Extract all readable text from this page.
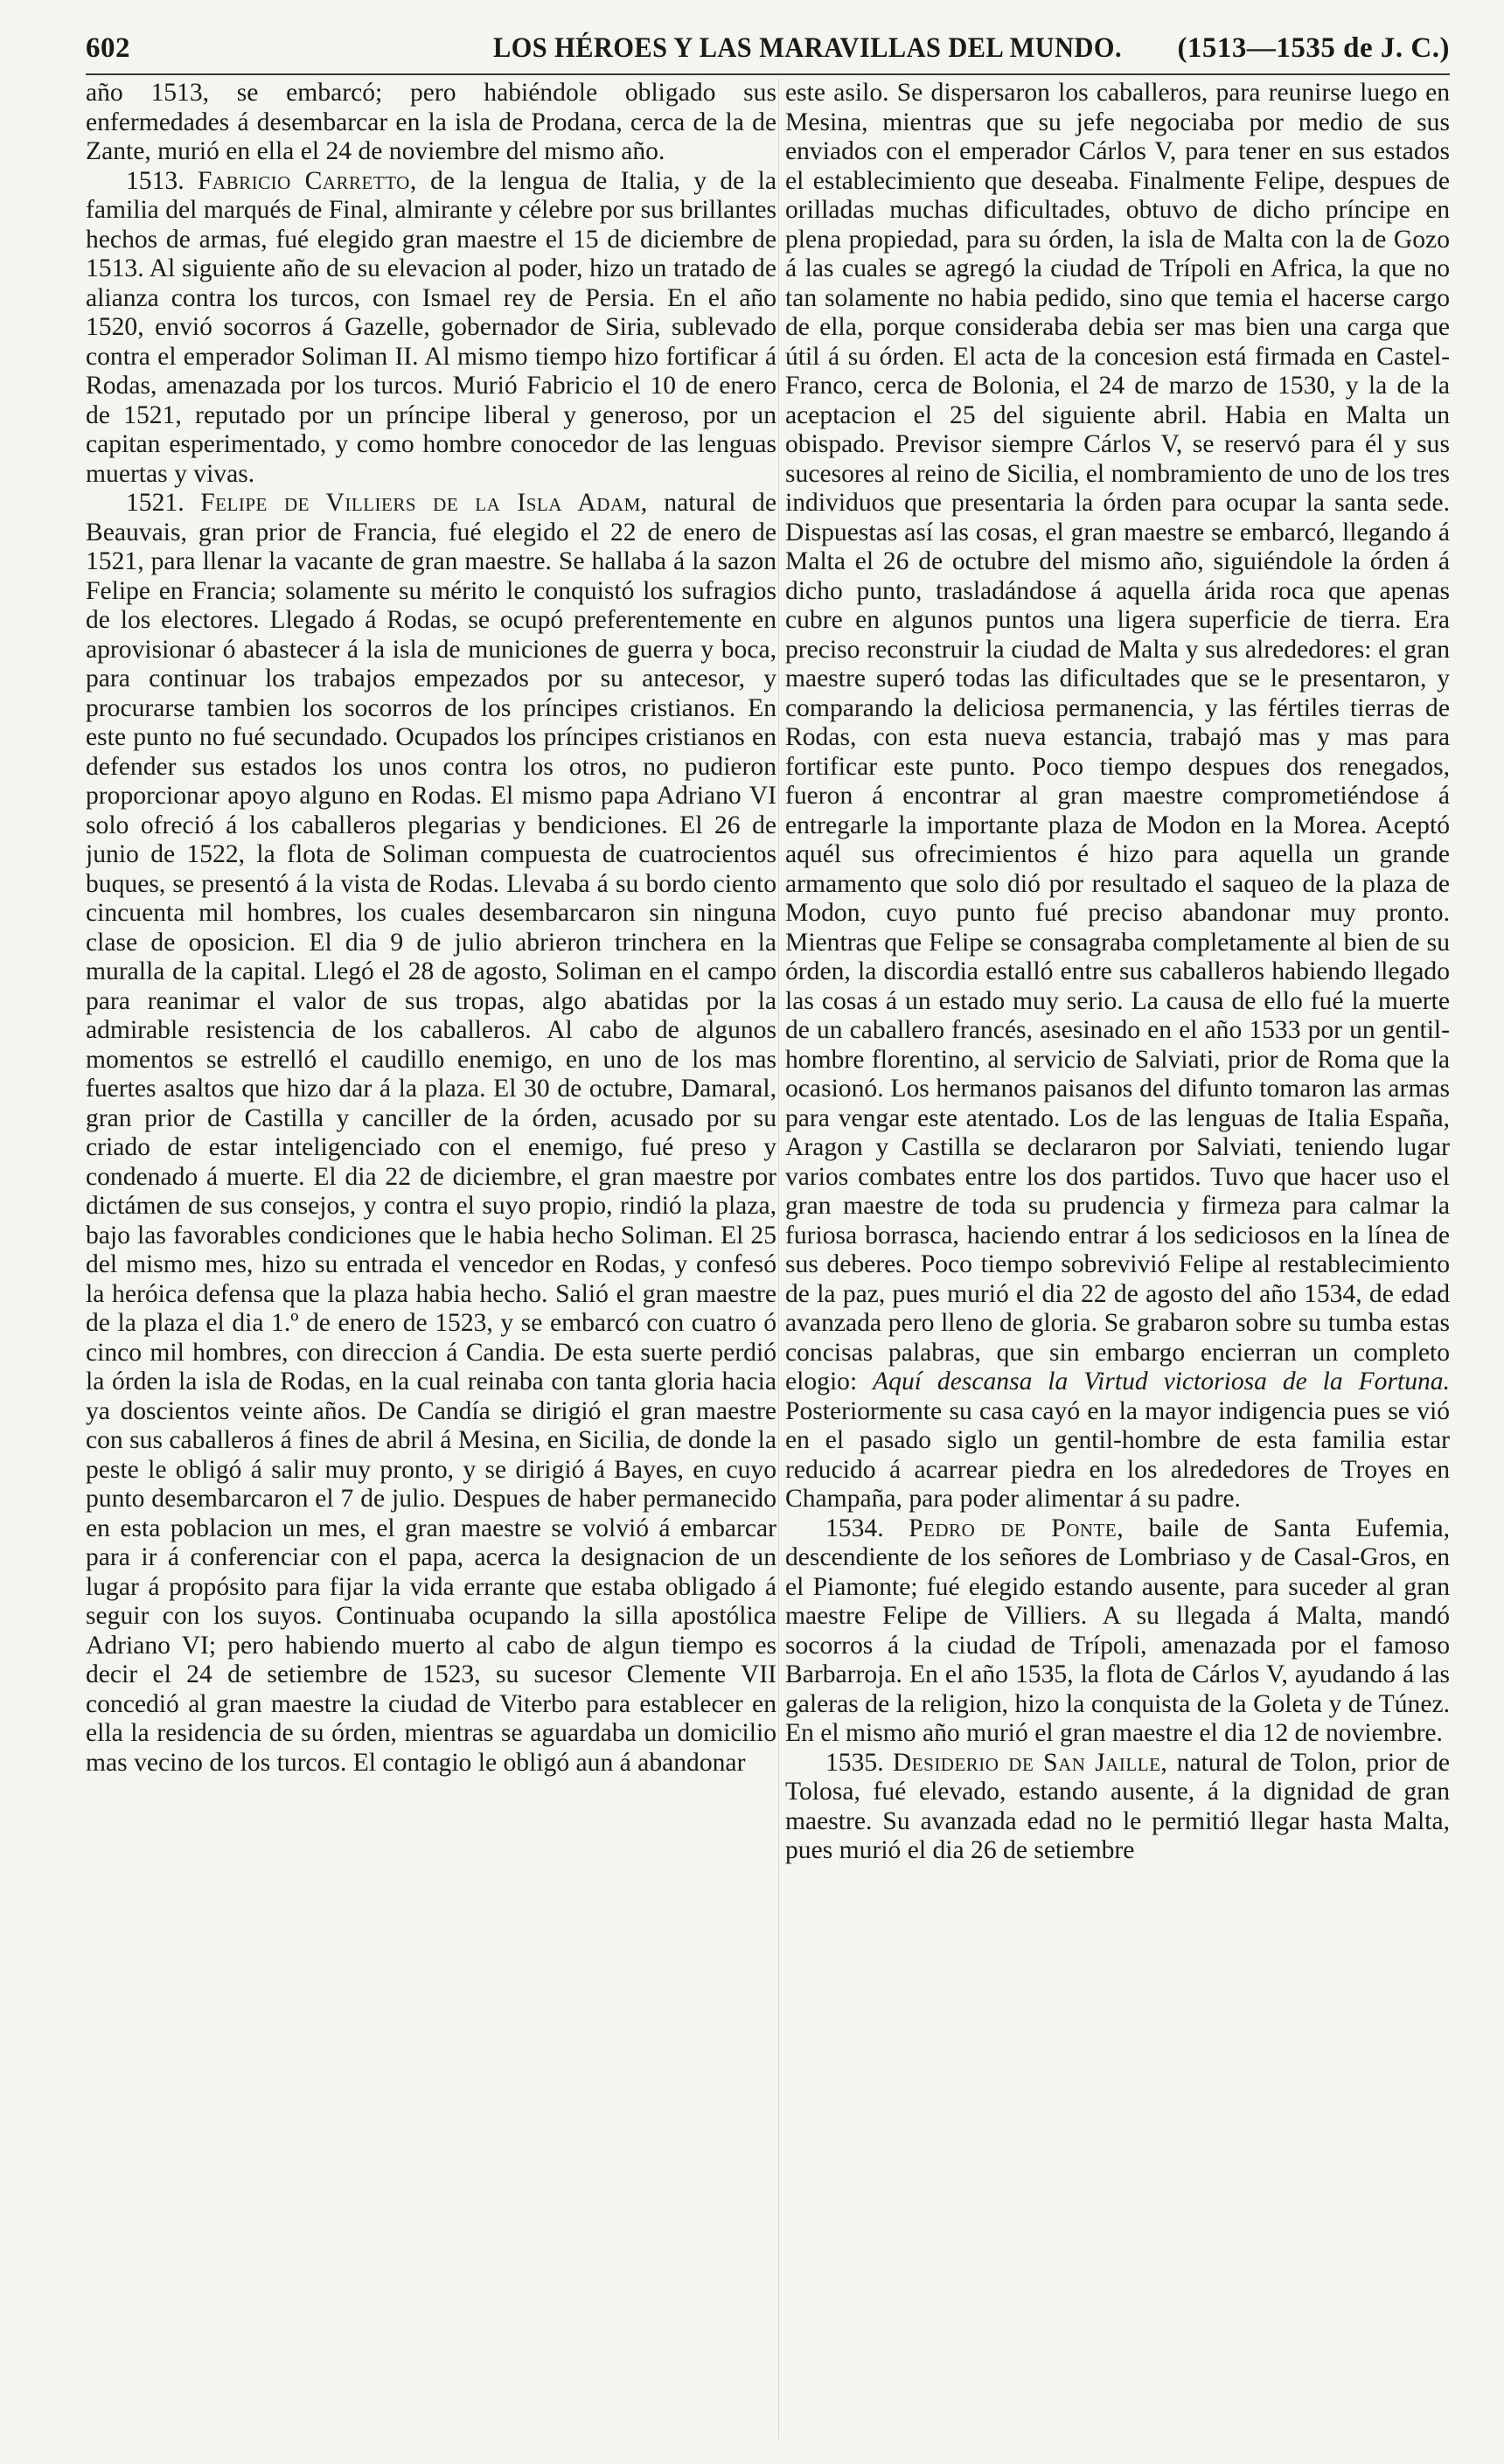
602	LOS HÉROES Y LAS MARAVILLAS DEL MUNDO. (1513—1535 de J. C.)

año 1513, se embarcó; pero habiéndole obligado sus enfermedades á desembarcar en la isla de Prodana, cerca de la de Zante, murió en ella el 24 de noviembre del mismo año.

1513. Fabricio Carretto, de la lengua de Italia, y de la familia del marqués de Final, almirante y célebre por sus brillantes hechos de armas, fué elegido gran maestre el 15 de diciembre de 1513. Al siguiente año de su elevacion al poder, hizo un tratado de alianza contra los turcos, con Ismael rey de Persia. En el año 1520, envió socorros á Gazelle, gobernador de Siria, sublevado contra el emperador Soliman II. Al mismo tiempo hizo fortificar á Rodas, amenazada por los turcos. Murió Fabricio el 10 de enero de 1521, reputado por un príncipe liberal y generoso, por un capitan esperimentado, y como hombre conocedor de las lenguas muertas y vivas.

1521. Felipe de Villiers de la Isla Adam, natural de Beauvais, gran prior de Francia, fué elegido el 22 de enero de 1521, para llenar la vacante de gran maestre. Se hallaba á la sazon Felipe en Francia; solamente su mérito le conquistó los sufragios de los electores. Llegado á Rodas, se ocupó preferentemente en aprovisionar ó abastecer á la isla de municiones de guerra y boca, para continuar los trabajos empezados por su antecesor, y procurarse tambien los socorros de los príncipes cristianos. En este punto no fué secundado. Ocupados los príncipes cristianos en defender sus estados los unos contra los otros, no pudieron proporcionar apoyo alguno en Rodas. El mismo papa Adriano VI solo ofreció á los caballeros plegarias y bendiciones. El 26 de junio de 1522, la flota de Soliman compuesta de cuatrocientos buques, se presentó á la vista de Rodas. Llevaba á su bordo ciento cincuenta mil hombres, los cuales desembarcaron sin ninguna clase de oposicion. El dia 9 de julio abrieron trinchera en la muralla de la capital. Llegó el 28 de agosto, Soliman en el campo para reanimar el valor de sus tropas, algo abatidas por la admirable resistencia de los caballeros. Al cabo de algunos momentos se estrelló el caudillo enemigo, en uno de los mas fuertes asaltos que hizo dar á la plaza. El 30 de octubre, Damaral, gran prior de Castilla y canciller de la órden, acusado por su criado de estar inteligenciado con el enemigo, fué preso y condenado á muerte. El dia 22 de diciembre, el gran maestre por dictámen de sus consejos, y contra el suyo propio, rindió la plaza, bajo las favorables condiciones que le habia hecho Soliman. El 25 del mismo mes, hizo su entrada el vencedor en Rodas, y confesó la heróica defensa que la plaza habia hecho. Salió el gran maestre de la plaza el dia 1.º de enero de 1523, y se embarcó con cuatro ó cinco mil hombres, con direccion á Candia. De esta suerte perdió la órden la isla de Rodas, en la cual reinaba con tanta gloria hacia ya doscientos veinte años. De Candía se dirigió el gran maestre con sus caballeros á fines de abril á Mesina, en Sicilia, de donde la peste le obligó á salir muy pronto, y se dirigió á Bayes, en cuyo punto desembarcaron el 7 de julio. Despues de haber permanecido en esta poblacion un mes, el gran maestre se volvió á embarcar para ir á conferenciar con el papa, acerca la designacion de un lugar á propósito para fijar la vida errante que estaba obligado á seguir con los suyos. Continuaba ocupando la silla apostólica Adriano VI; pero habiendo muerto al cabo de algun tiempo es decir el 24 de setiembre de 1523, su sucesor Clemente VII concedió al gran maestre la ciudad de Viterbo para establecer en ella la residencia de su órden, mientras se aguardaba un domicilio mas vecino de los turcos. El contagio le obligó aun á abandonar

este asilo. Se dispersaron los caballeros, para reunirse luego en Mesina, mientras que su jefe negociaba por medio de sus enviados con el emperador Cárlos V, para tener en sus estados el establecimiento que deseaba. Finalmente Felipe, despues de orilladas muchas dificultades, obtuvo de dicho príncipe en plena propiedad, para su órden, la isla de Malta con la de Gozo á las cuales se agregó la ciudad de Trípoli en Africa, la que no tan solamente no habia pedido, sino que temia el hacerse cargo de ella, porque consideraba debia ser mas bien una carga que útil á su órden. El acta de la concesion está firmada en Castel-Franco, cerca de Bolonia, el 24 de marzo de 1530, y la de la aceptacion el 25 del siguiente abril. Habia en Malta un obispado. Previsor siempre Cárlos V, se reservó para él y sus sucesores al reino de Sicilia, el nombramiento de uno de los tres individuos que presentaria la órden para ocupar la santa sede. Dispuestas así las cosas, el gran maestre se embarcó, llegando á Malta el 26 de octubre del mismo año, siguiéndole la órden á dicho punto, trasladándose á aquella árida roca que apenas cubre en algunos puntos una ligera superficie de tierra. Era preciso reconstruir la ciudad de Malta y sus alrededores: el gran maestre superó todas las dificultades que se le presentaron, y comparando la deliciosa permanencia, y las fértiles tierras de Rodas, con esta nueva estancia, trabajó mas y mas para fortificar este punto. Poco tiempo despues dos renegados, fueron á encontrar al gran maestre comprometiéndose á entregarle la importante plaza de Modon en la Morea. Aceptó aquél sus ofrecimientos é hizo para aquella un grande armamento que solo dió por resultado el saqueo de la plaza de Modon, cuyo punto fué preciso abandonar muy pronto. Mientras que Felipe se consagraba completamente al bien de su órden, la discordia estalló entre sus caballeros habiendo llegado las cosas á un estado muy serio. La causa de ello fué la muerte de un caballero francés, asesinado en el año 1533 por un gentil-hombre florentino, al servicio de Salviati, prior de Roma que la ocasionó. Los hermanos paisanos del difunto tomaron las armas para vengar este atentado. Los de las lenguas de Italia España, Aragon y Castilla se declararon por Salviati, teniendo lugar varios combates entre los dos partidos. Tuvo que hacer uso el gran maestre de toda su prudencia y firmeza para calmar la furiosa borrasca, haciendo entrar á los sediciosos en la línea de sus deberes. Poco tiempo sobrevivió Felipe al restablecimiento de la paz, pues murió el dia 22 de agosto del año 1534, de edad avanzada pero lleno de gloria. Se grabaron sobre su tumba estas concisas palabras, que sin embargo encierran un completo elogio: Aquí descansa la Virtud victoriosa de la Fortuna. Posteriormente su casa cayó en la mayor indigencia pues se vió en el pasado siglo un gentil-hombre de esta familia estar reducido á acarrear piedra en los alrededores de Troyes en Champaña, para poder alimentar á su padre.

1534. Pedro de Ponte, baile de Santa Eufemia, descendiente de los señores de Lombriaso y de Casal-Gros, en el Piamonte; fué elegido estando ausente, para suceder al gran maestre Felipe de Villiers. A su llegada á Malta, mandó socorros á la ciudad de Trípoli, amenazada por el famoso Barbarroja. En el año 1535, la flota de Cárlos V, ayudando á las galeras de la religion, hizo la conquista de la Goleta y de Túnez. En el mismo año murió el gran maestre el dia 12 de noviembre.

1535. Desiderio de San Jaille, natural de Tolon, prior de Tolosa, fué elevado, estando ausente, á la dignidad de gran maestre. Su avanzada edad no le permitió llegar hasta Malta, pues murió el dia 26 de setiembre
